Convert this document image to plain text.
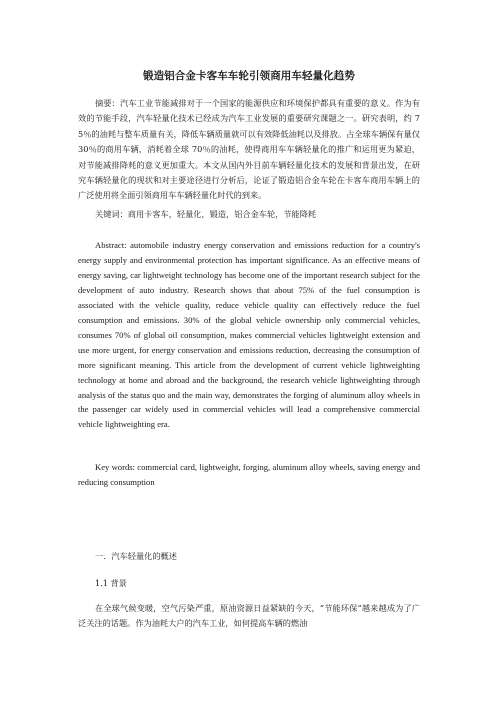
锻造铝合金卡客车车轮引领商用车轻量化趋势
摘要：汽车工业节能减排对于一个国家的能源供应和环境保护都具有重要的意义。作为有效的节能手段，汽车轻量化技术已经成为汽车工业发展的重要研究课题之一。研究表明，约 75％的油耗与整车质量有关，降低车辆质量就可以有效降低油耗以及排放。占全球车辆保有量仅 30％的商用车辆，消耗着全球 70％的油耗，使得商用车车辆轻量化的推广和运用更为紧迫，对节能减排降耗的意义更加重大。本文从国内外目前车辆轻量化技术的发展和背景出发，在研究车辆轻量化的现状和对主要途径进行分析后，论证了锻造铝合金车轮在卡客车商用车辆上的广泛使用将全面引领商用车车辆轻量化时代的到来。
关键词：商用卡客车，轻量化，锻造，铝合金车轮，节能降耗
Abstract: automobile industry energy conservation and emissions reduction for a country's energy supply and environmental protection has important significance. As an effective means of energy saving, car lightweight technology has become one of the important research subject for the development of auto industry. Research shows that about 75% of the fuel consumption is associated with the vehicle quality, reduce vehicle quality can effectively reduce the fuel consumption and emissions. 30% of the global vehicle ownership only commercial vehicles, consumes 70% of global oil consumption, makes commercial vehicles lightweight extension and use more urgent, for energy conservation and emissions reduction, decreasing the consumption of more significant meaning. This article from the development of current vehicle lightweighting technology at home and abroad and the background, the research vehicle lightweighting through analysis of the status quo and the main way, demonstrates the forging of aluminum alloy wheels in the passenger car widely used in commercial vehicles will lead a comprehensive commercial vehicle lightweighting era.
Key words: commercial card, lightweight, forging, aluminum alloy wheels, saving energy and reducing consumption
一．汽车轻量化的概述
1.1 背景
在全球气候变暖，空气污染严重，原油资源日益紧缺的今天，“节能环保”越来越成为了广泛关注的话题。作为油耗大户的汽车工业，如何提高车辆的燃油
